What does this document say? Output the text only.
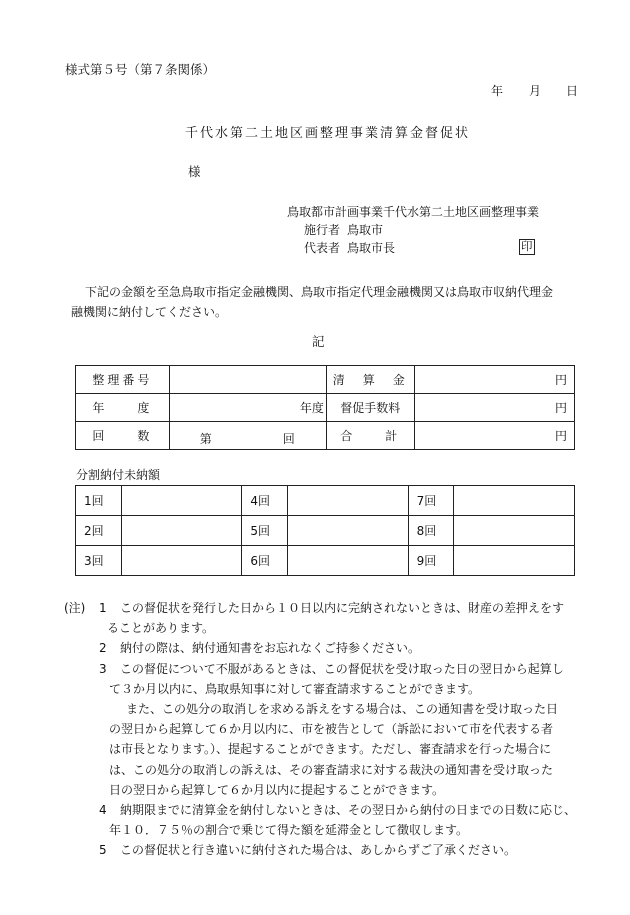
様式第５号（第７条関係）
年 月 日
千代水第二土地区画整理事業清算金督促状
様
鳥取都市計画事業千代水第二土地区画整理事業
施行者 鳥取市
代表者 鳥取市長	印
下記の金額を至急鳥取市指定金融機関、鳥取市指定代理金融機関又は鳥取市収納代理金
融機関に納付してください。
記
整理番号		清　算　金	円
年　　度	年度	督促手数料	円
回　　数	第 回	合　　計	円
分割納付未納額
1回		4回		7回	
2回		5回		8回	
3回		6回		9回	
(注) 1 この督促状を発行した日から１０日以内に完納されないときは、財産の差押えをす
ることがあります。
2 納付の際は、納付通知書をお忘れなくご持参ください。

3 この督促について不服があるときは、この督促状を受け取った日の翌日から起算し

て３か月以内に、鳥取県知事に対して審査請求することができます。
また、この処分の取消しを求める訴えをする場合は、この通知書を受け取った日
の翌日から起算して６か月以内に、市を被告として（訴訟において市を代表する者
は市長となります。）、提起することができます。ただし、審査請求を行った場合に
は、この処分の取消しの訴えは、その審査請求に対する裁決の通知書を受け取った
日の翌日から起算して６か月以内に提起することができます。
4 納期限までに清算金を納付しないときは、その翌日から納付の日までの日数に応じ、

年１０．７５％の割合で乗じて得た額を延滞金として徴収します。
5 この督促状と行き違いに納付された場合は、あしからずご了承ください。
